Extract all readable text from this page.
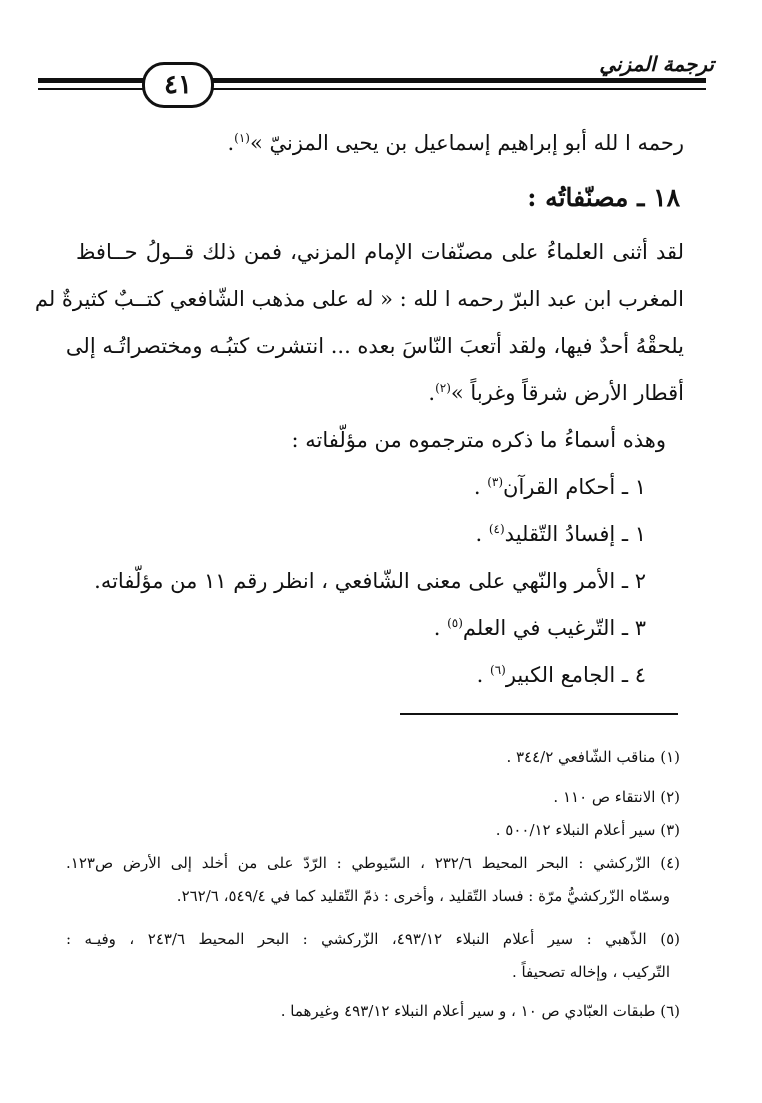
ترجمة المزني
٤١
رحمه ا لله أبو إبراهيم إسماعيل بن يحيى المزنيّ »$^{(١)}$.
١٨ ـ مصنّفاتُه :
لقد أثنى العلماءُ على مصنّفات الإمام المزني، فمن ذلك قــولُ حــافظ
المغرب ابن عبد البرّ رحمه ا لله : « له على مذهب الشّافعي كتــبٌ كثيرةٌ لم
يلحقْهُ أحدٌ فيها، ولقد أتعبَ النّاسَ بعده ... انتشرت كتبُـه ومختصراتُـه إلى
أقطار الأرض شرقاً وغرباً »$^{(٢)}$.
وهذه أسماءُ ما ذكره مترجموه من مؤلّفاته :
١ ـ أحكام القرآن$^{(٣)}$ .
١ ـ إفسادُ التّقليد$^{(٤)}$ .
٢ ـ الأمر والنّهي على معنى الشّافعي ، انظر رقم ١١ من مؤلّفاته.
٣ ـ التّرغيب في العلم$^{(٥)}$ .
٤ ـ الجامع الكبير$^{(٦)}$ .
(١) مناقب الشّافعي ٣٤٤/٢ .
(٢) الانتقاء ص ١١٠ .
(٣) سير أعلام النبلاء ٥٠٠/١٢ .
(٤) الزّركشي : البحر المحيط ٢٣٢/٦ ، السّيوطي : الرّدّ على من أخلد إلى الأرض ص١٢٣.
وسمّاه الزّركشيُّ مرّة : فساد التّقليد ، وأخرى : ذمّ التّقليد كما في ٥٤٩/٤، ٢٦٢/٦.
(٥) الذّهبي : سير أعلام النبلاء ٤٩٣/١٢، الزّركشي : البحر المحيط ٢٤٣/٦ ، وفيـه :
التّركيب ، وإخاله تصحيفاً .
(٦) طبقات العبّادي ص ١٠ ، و سير أعلام النبلاء ٤٩٣/١٢ وغيرهما .
